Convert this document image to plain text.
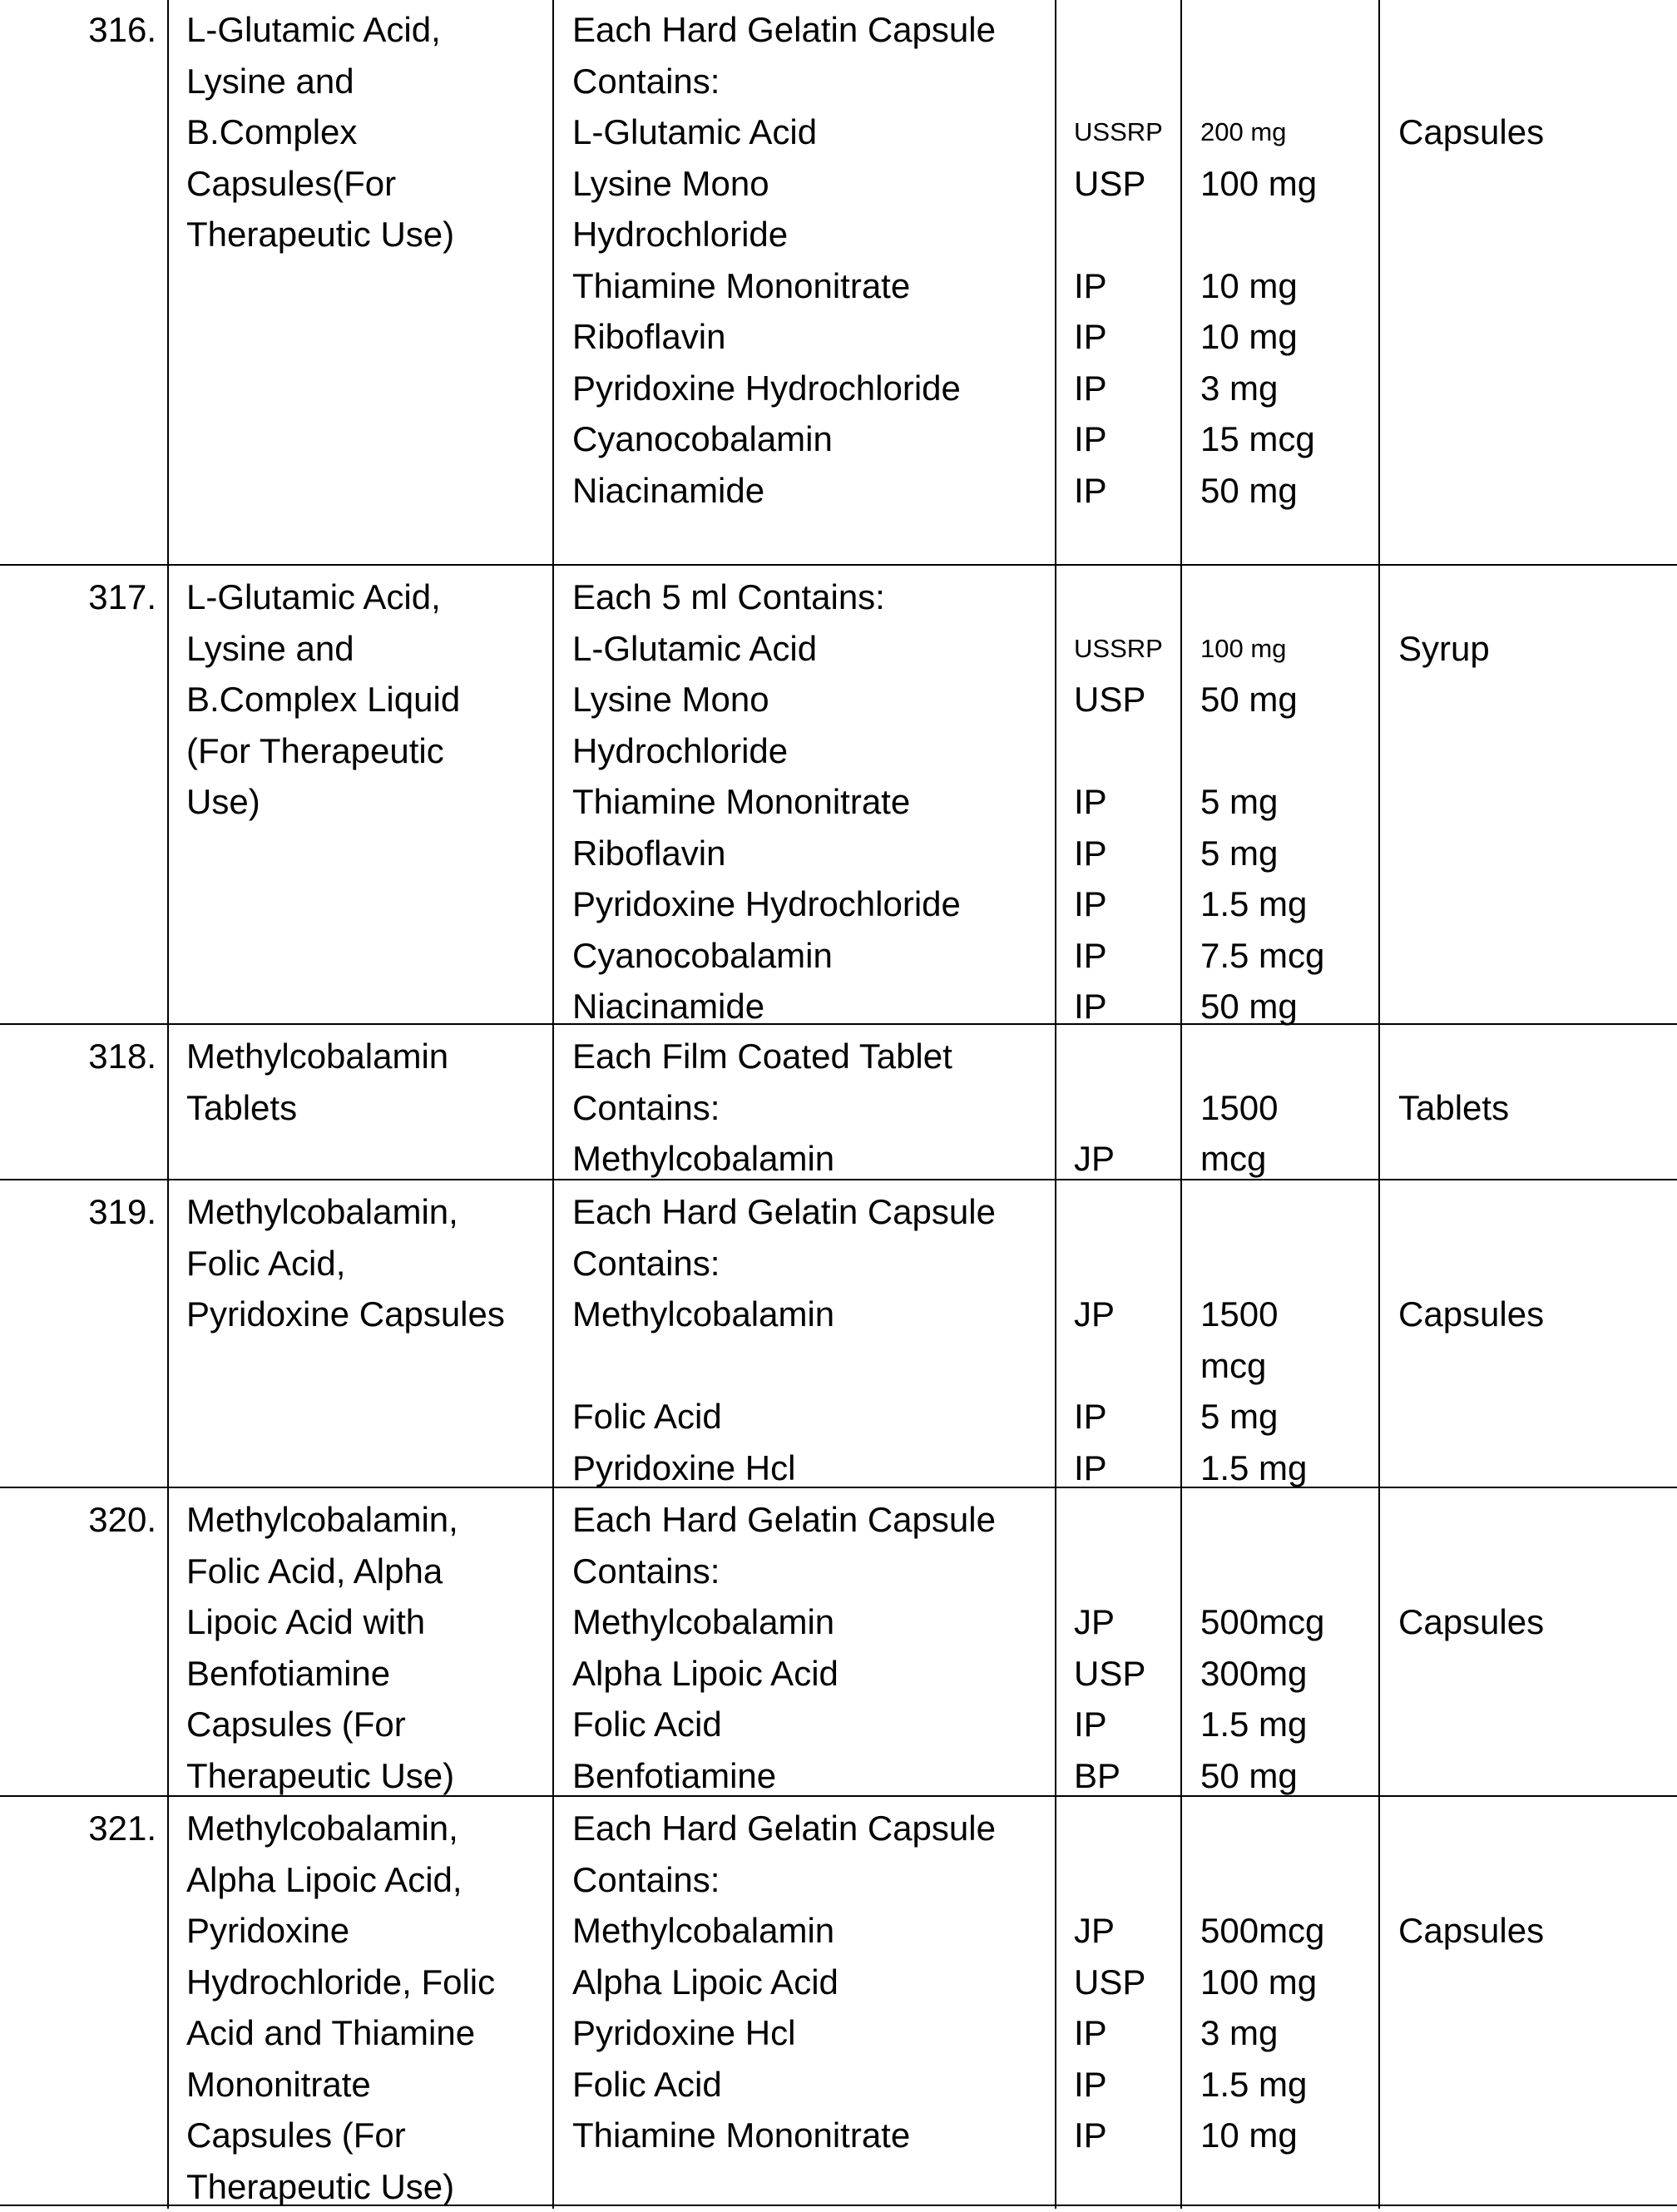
316. L-Glutamic Acid,
Lysine and
B.Complex
Capsules(For
Therapeutic Use)
Each Hard Gelatin Capsule
Contains:
L-Glutamic Acid
Lysine Mono
Hydrochloride
Thiamine Mononitrate
Riboflavin
Pyridoxine Hydrochloride
Cyanocobalamin
Niacinamide
USSRP
USP
IP
IP
IP
IP
IP
200 mg
100 mg
10 mg
10 mg
3 mg
15 mcg
50 mg
Capsules
317. L-Glutamic Acid,
Lysine and
B.Complex Liquid
(For Therapeutic
Use)
Each 5 ml Contains:
L-Glutamic Acid
Lysine Mono
Hydrochloride
Thiamine Mononitrate
Riboflavin
Pyridoxine Hydrochloride
Cyanocobalamin
Niacinamide
USSRP
USP
IP
IP
IP
IP
IP
100 mg
50 mg
5 mg
5 mg
1.5 mg
7.5 mcg
50 mg
Syrup
318. Methylcobalamin
Tablets
Each Film Coated Tablet
Contains:
Methylcobalamin	JP
1500
mcg
Tablets
319. Methylcobalamin,
Folic Acid,
Pyridoxine Capsules
Each Hard Gelatin Capsule
Contains:
Methylcobalamin
Folic Acid
Pyridoxine Hcl
JP
IP
IP
1500
mcg
5 mg
1.5 mg
Capsules
320. Methylcobalamin,
Folic Acid, Alpha
Lipoic Acid with
Benfotiamine
Capsules (For
Therapeutic Use)
Each Hard Gelatin Capsule
Contains:
Methylcobalamin
Alpha Lipoic Acid
Folic Acid
Benfotiamine
JP
USP
IP
BP
500mcg
300mg
1.5 mg
50 mg
Capsules
321. Methylcobalamin,
Alpha Lipoic Acid,
Pyridoxine
Hydrochloride, Folic
Acid and Thiamine
Mononitrate
Capsules (For
Therapeutic Use)
Each Hard Gelatin Capsule
Contains:
Methylcobalamin
Alpha Lipoic Acid
Pyridoxine Hcl
Folic Acid
Thiamine Mononitrate
JP
USP
IP
IP
IP
500mcg
100 mg
3 mg
1.5 mg
10 mg
Capsules
